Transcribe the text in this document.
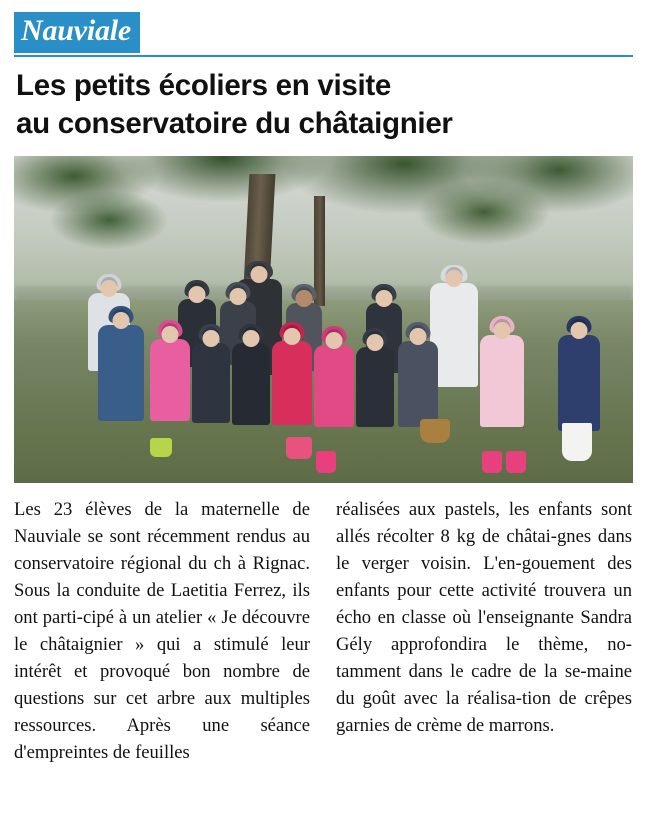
Nauviale
Les petits écoliers en visite
au conservatoire du châtaignier

Les 23 élèves de la maternelle de Nauviale se sont récemment rendus au conservatoire régional du ch à Rignac. Sous la conduite de Laetitia Ferrez, ils ont parti-cipé à un atelier « Je découvre le châtaignier » qui a stimulé leur intérêt et provoqué bon nombre de questions sur cet arbre aux multiples ressources. Après une séance d'empreintes de feuilles

réalisées aux pastels, les enfants sont allés récolter 8 kg de châtai-gnes dans le verger voisin. L'en-gouement des enfants pour cette activité trouvera un écho en classe où l'enseignante Sandra Gély approfondira le thème, no-tamment dans le cadre de la se-maine du goût avec la réalisa-tion de crêpes garnies de crème de marrons.
